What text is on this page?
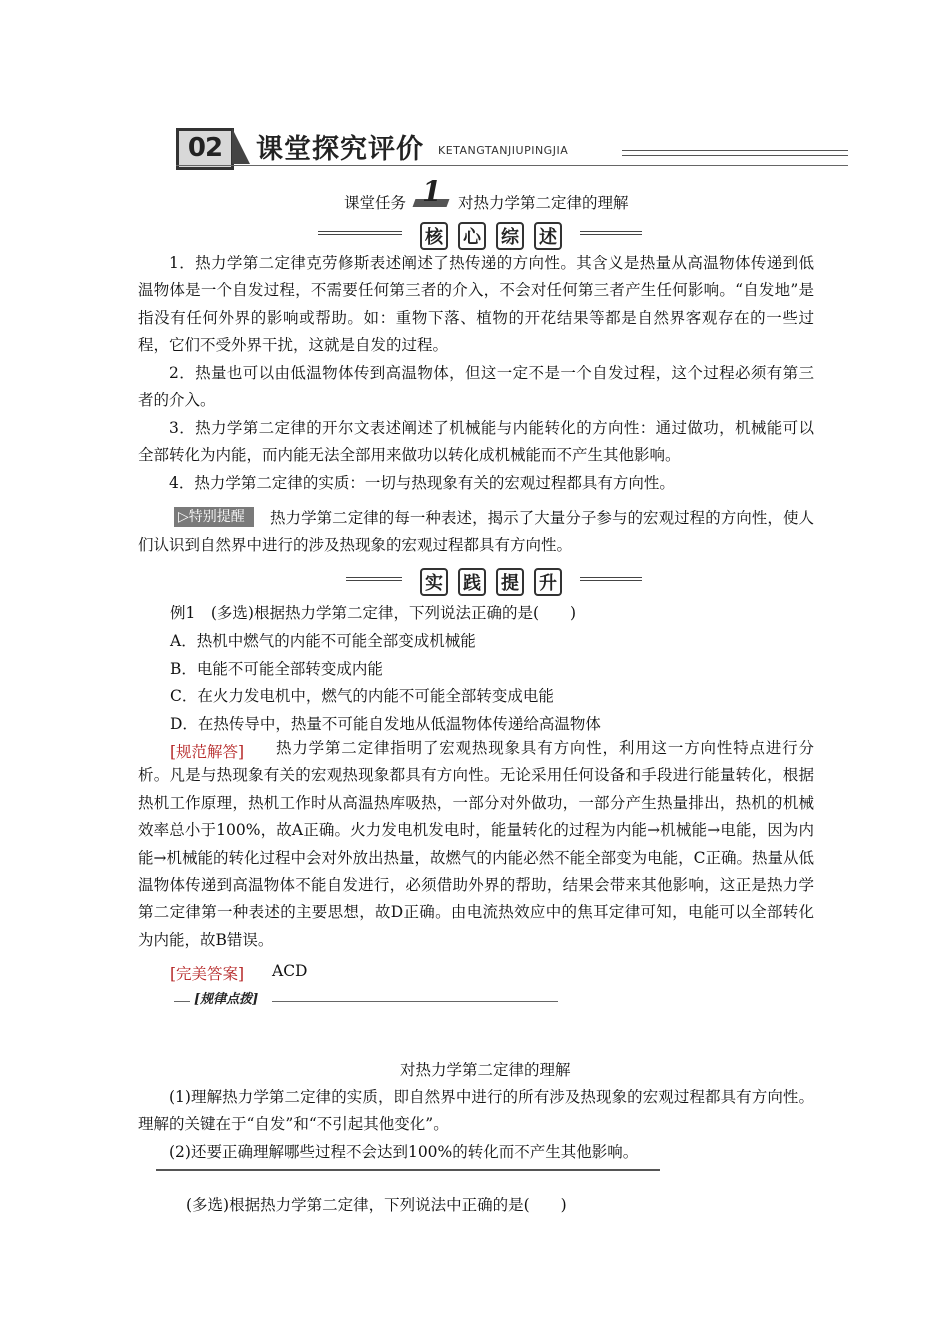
02	课堂探究评价 KETANGTANJIUPINGJIA
课堂任务 1 对热力学第二定律的理解
核 心 综 述
1．热力学第二定律克劳修斯表述阐述了热传递的方向性。其含义是热量从高温物体传递到低温物体是一个自发过程，不需要任何第三者的介入，不会对任何第三者产生任何影响。“自发地”是指没有任何外界的影响或帮助。如：重物下落、植物的开花结果等都是自然界客观存在的一些过程，它们不受外界干扰，这就是自发的过程。
2．热量也可以由低温物体传到高温物体，但这一定不是一个自发过程，这个过程必须有第三者的介入。
3．热力学第二定律的开尔文表述阐述了机械能与内能转化的方向性：通过做功，机械能可以全部转化为内能，而内能无法全部用来做功以转化成机械能而不产生其他影响。
4．热力学第二定律的实质：一切与热现象有关的宏观过程都具有方向性。
▷特别提醒	热力学第二定律的每一种表述，揭示了大量分子参与的宏观过程的方向性，使人们认识到自然界中进行的涉及热现象的宏观过程都具有方向性。
实 践 提 升
例1　(多选)根据热力学第二定律，下列说法正确的是(　　)
A．热机中燃气的内能不可能全部变成机械能
B．电能不可能全部转变成内能
C．在火力发电机中，燃气的内能不可能全部转变成电能
D．在热传导中，热量不可能自发地从低温物体传递给高温物体
[规范解答]	热力学第二定律指明了宏观热现象具有方向性，利用这一方向性特点进行分析。凡是与热现象有关的宏观热现象都具有方向性。无论采用任何设备和手段进行能量转化，根据热机工作原理，热机工作时从高温热库吸热，一部分对外做功，一部分产生热量排出，热机的机械效率总小于100%，故A正确。火力发电机发电时，能量转化的过程为内能→机械能→电能，因为内能→机械能的转化过程中会对外放出热量，故燃气的内能必然不能全部变为电能，C正确。热量从低温物体传递到高温物体不能自发进行，必须借助外界的帮助，结果会带来其他影响，这正是热力学第二定律第一种表述的主要思想，故D正确。由电流热效应中的焦耳定律可知，电能可以全部转化为内能，故B错误。
[完美答案] ACD
[规律点拨]
对热力学第二定律的理解
(1)理解热力学第二定律的实质，即自然界中进行的所有涉及热现象的宏观过程都具有方向性。理解的关键在于“自发”和“不引起其他变化”。
(2)还要正确理解哪些过程不会达到100%的转化而不产生其他影响。
(多选)根据热力学第二定律，下列说法中正确的是(　　)
